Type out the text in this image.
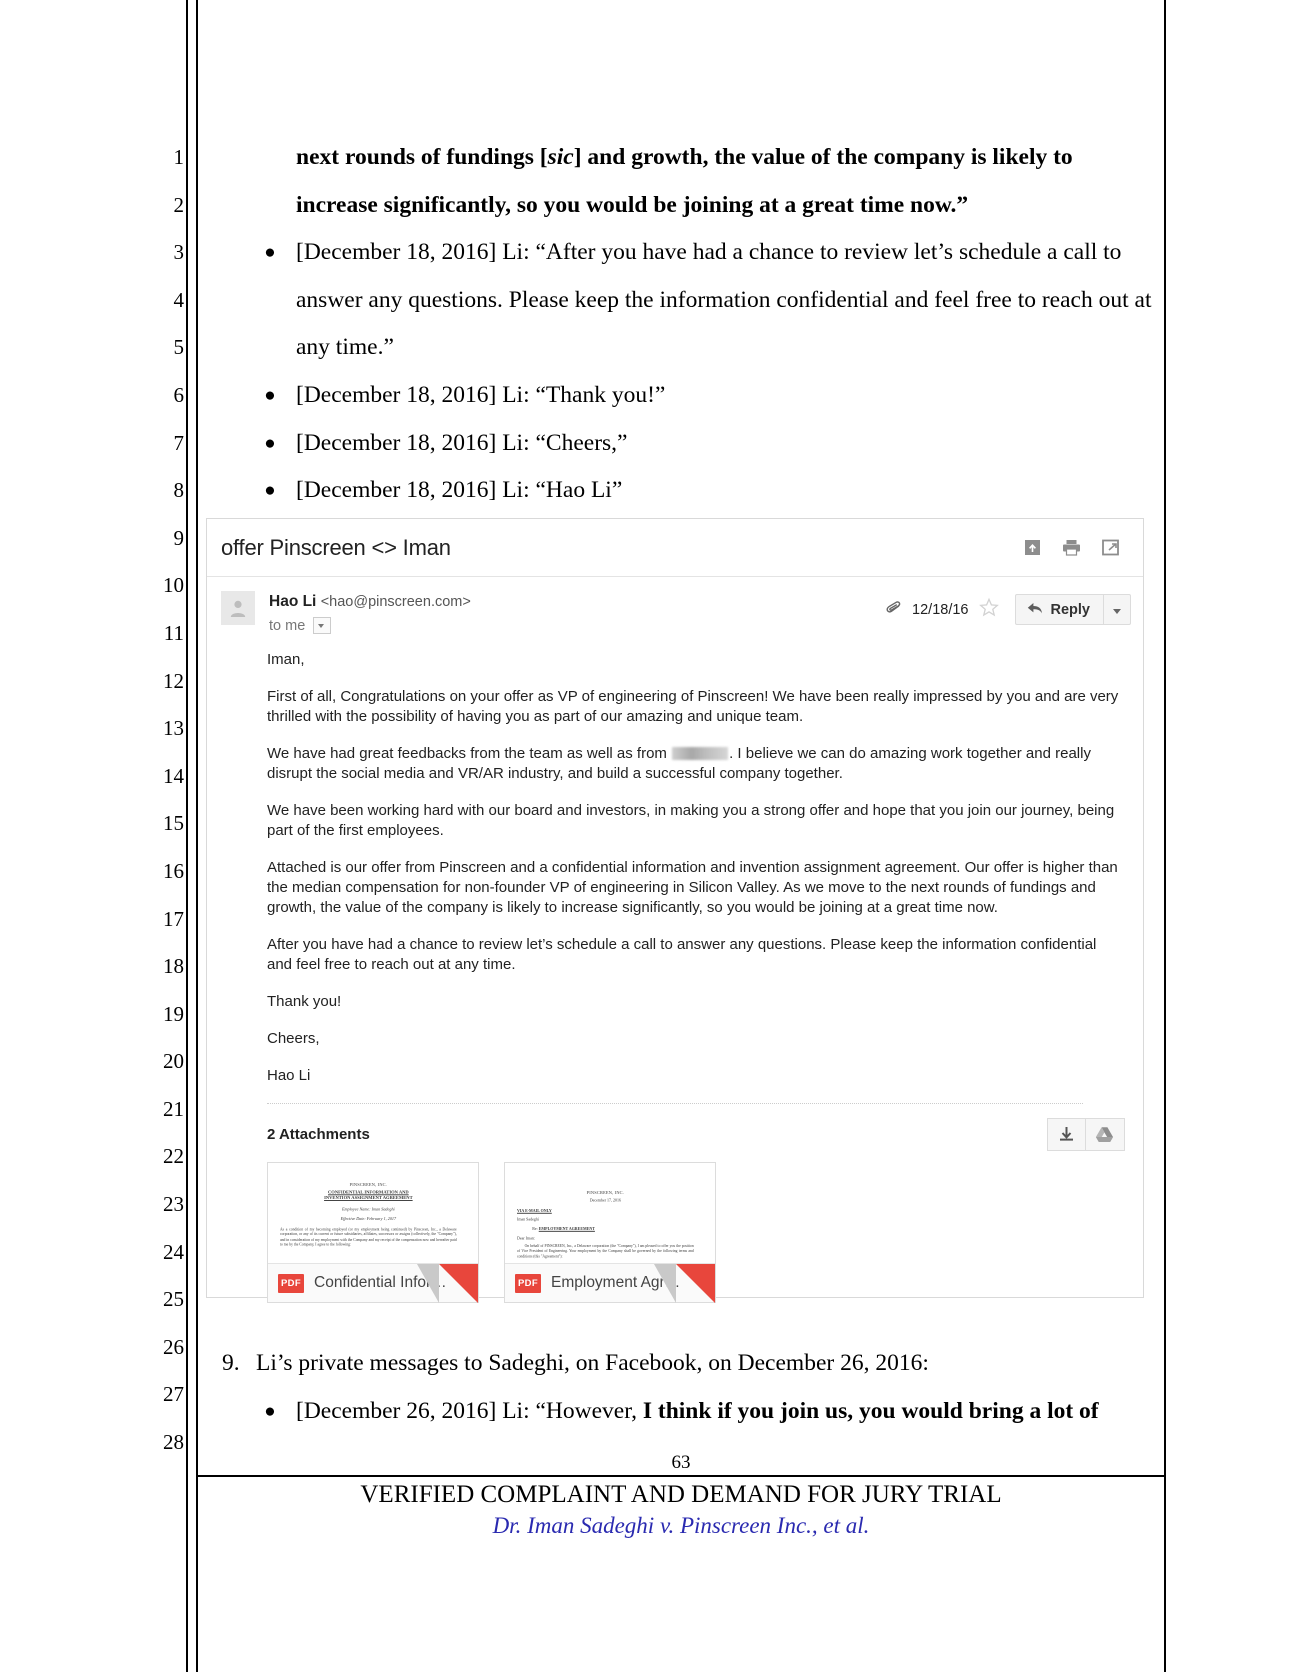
1
2
3
4
5
6
7
8
9
10
11
12
13
14
15
16
17
18
19
20
21
22
23
24
25
26
27
28
next rounds of fundings [sic] and growth, the value of the company is likely to
increase significantly, so you would be joining at a great time now.”
● [December 18, 2016] Li: “After you have had a chance to review let’s schedule a call to answer any questions. Please keep the information confidential and feel free to reach out at any time.”
● [December 18, 2016] Li: “Thank you!”
● [December 18, 2016] Li: “Cheers,”
● [December 18, 2016] Li: “Hao Li”
offer Pinscreen <> Iman
Hao Li <hao@pinscreen.com>
to me
12/18/16	Reply

Iman,

First of all, Congratulations on your offer as VP of engineering of Pinscreen! We have been really impressed by you and are very thrilled with the possibility of having you as part of our amazing and unique team.

We have had great feedbacks from the team as well as from	. I believe we can do amazing work together and really disrupt the social media and VR/AR industry, and build a successful company together.

We have been working hard with our board and investors, in making you a strong offer and hope that you join our journey, being part of the first employees.

Attached is our offer from Pinscreen and a confidential information and invention assignment agreement. Our offer is higher than the median compensation for non-founder VP of engineering in Silicon Valley. As we move to the next rounds of fundings and growth, the value of the company is likely to increase significantly, so you would be joining at a great time now.

After you have had a chance to review let’s schedule a call to answer any questions. Please keep the information confidential and feel free to reach out at any time.

Thank you!

Cheers,

Hao Li

2 Attachments
PINSCREEN, INC.
CONFIDENTIAL INFORMATION AND
INVENTION ASSIGNMENT AGREEMENT
Employee Name: Iman Sadeghi
Effective Date: February 1, 2017
As a condition of my becoming employed (or my employment being continued) by Pinscreen, Inc., a Delaware corporation, or any of its current or future subsidiaries, affiliates, successors or assigns (collectively, the "Company"), and in consideration of my employment with the Company and my receipt of the compensation now and hereafter paid to me by the Company, I agree to the following:
PDF Confidential Infor…
PINSCREEN, INC.
December 17, 2016
VIA E-MAIL ONLY
Iman Sadeghi
Re: EMPLOYMENT AGREEMENT
Dear Iman:
On behalf of PINSCREEN, Inc., a Delaware corporation (the "Company"), I am pleased to offer you the position of Vice President of Engineering. Your employment by the Company shall be governed by the following terms and conditions (this "Agreement"):
PDF Employment Agr…
9. Li’s private messages to Sadeghi, on Facebook, on December 26, 2016:
● [December 26, 2016] Li: “However, I think if you join us, you would bring a lot of
63
VERIFIED COMPLAINT AND DEMAND FOR JURY TRIAL
Dr. Iman Sadeghi v. Pinscreen Inc., et al.
